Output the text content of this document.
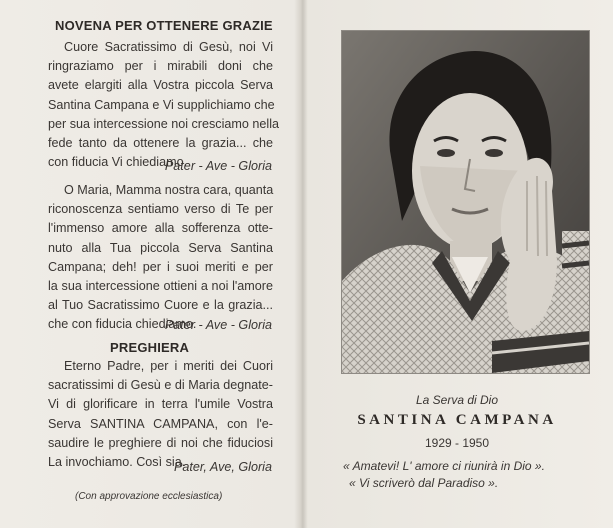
NOVENA PER OTTENERE GRAZIE
Cuore Sacratissimo di Gesù, noi Vi
ringraziamo per i mirabili doni che
avete elargiti alla Vostra piccola Serva
Santina Campana e Vi supplichiamo che
per sua intercessione noi cresciamo nella
fede tanto da ottenere la grazia... che
con fiducia Vi chiediamo.
Pater - Ave - Gloria
O Maria, Mamma nostra cara, quanta
riconoscenza sentiamo verso di Te per
l'immenso amore alla sofferenza otte-
nuto alla Tua piccola Serva Santina
Campana; deh! per i suoi meriti e per
la sua intercessione ottieni a noi l'amore
al Tuo Sacratissimo Cuore e la grazia...
che con fiducia chiediamo.
Pater - Ave - Gloria
PREGHIERA
Eterno Padre, per i meriti dei Cuori
sacratissimi di Gesù e di Maria degnate-
Vi di glorificare in terra l'umile Vostra
Serva SANTINA CAMPANA, con l'e-
saudire le preghiere di noi che fiduciosi
La invochiamo. Così sia.
Pater, Ave, Gloria
(Con approvazione ecclesiastica)
La Serva di Dio
SANTINA CAMPANA
1929 - 1950
« Amatevi! L' amore ci riunirà in Dio ».
« Vi scriverò dal Paradiso ».
